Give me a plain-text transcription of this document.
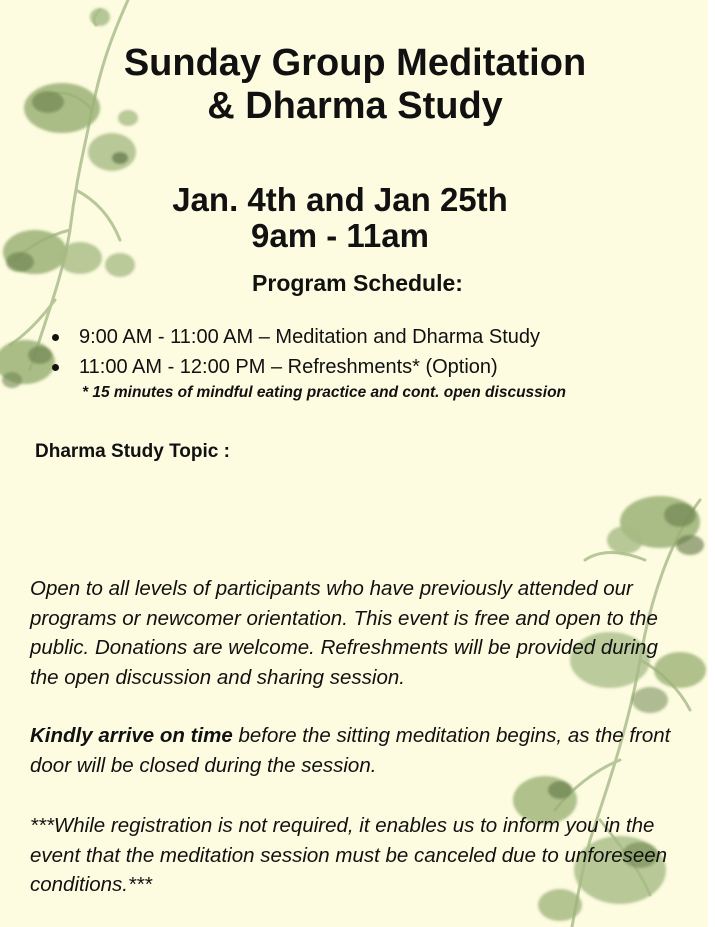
Sunday Group Meditation
& Dharma Study
Jan. 4th and Jan 25th
9am - 11am
Program Schedule:
9:00 AM - 11:00 AM – Meditation and Dharma Study
11:00 AM - 12:00 PM – Refreshments* (Option)
* 15 minutes of mindful eating practice and cont. open discussion
Dharma Study Topic :

Open to all levels of participants who have previously attended our programs or newcomer orientation. This event is free and open to the public. Donations are welcome. Refreshments will be provided during the open discussion and sharing session.

Kindly arrive on time before the sitting meditation begins, as the front door will be closed during the session.

***While registration is not required, it enables us to inform you in the event that the meditation session must be canceled due to unforeseen conditions.***
